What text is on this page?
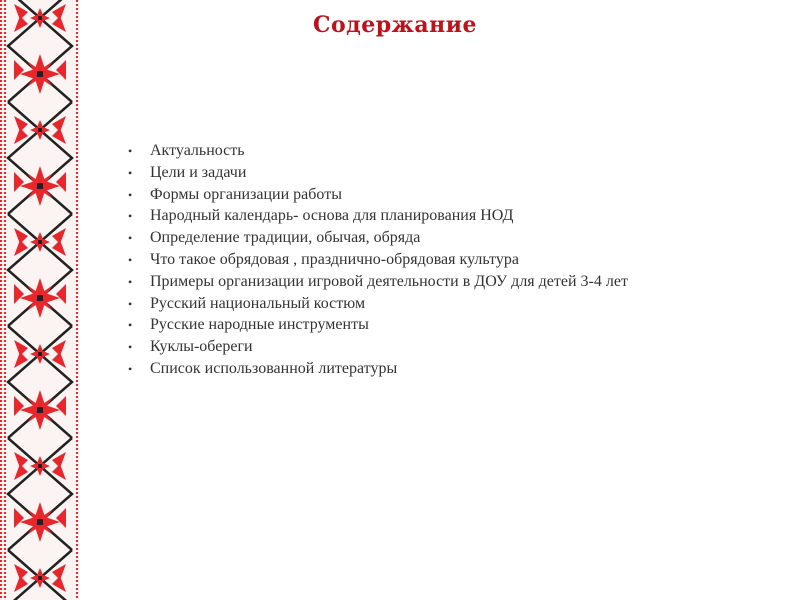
Содержание
• Актуальность
• Цели и задачи
• Формы организации работы
• Народный календарь- основа для планирования НОД
• Определение традиции, обычая, обряда
• Что такое обрядовая , празднично-обрядовая культура
• Примеры организации игровой деятельности в ДОУ для детей 3-4 лет
• Русский национальный костюм
• Русские народные инструменты
• Куклы-обереги
• Список использованной литературы
